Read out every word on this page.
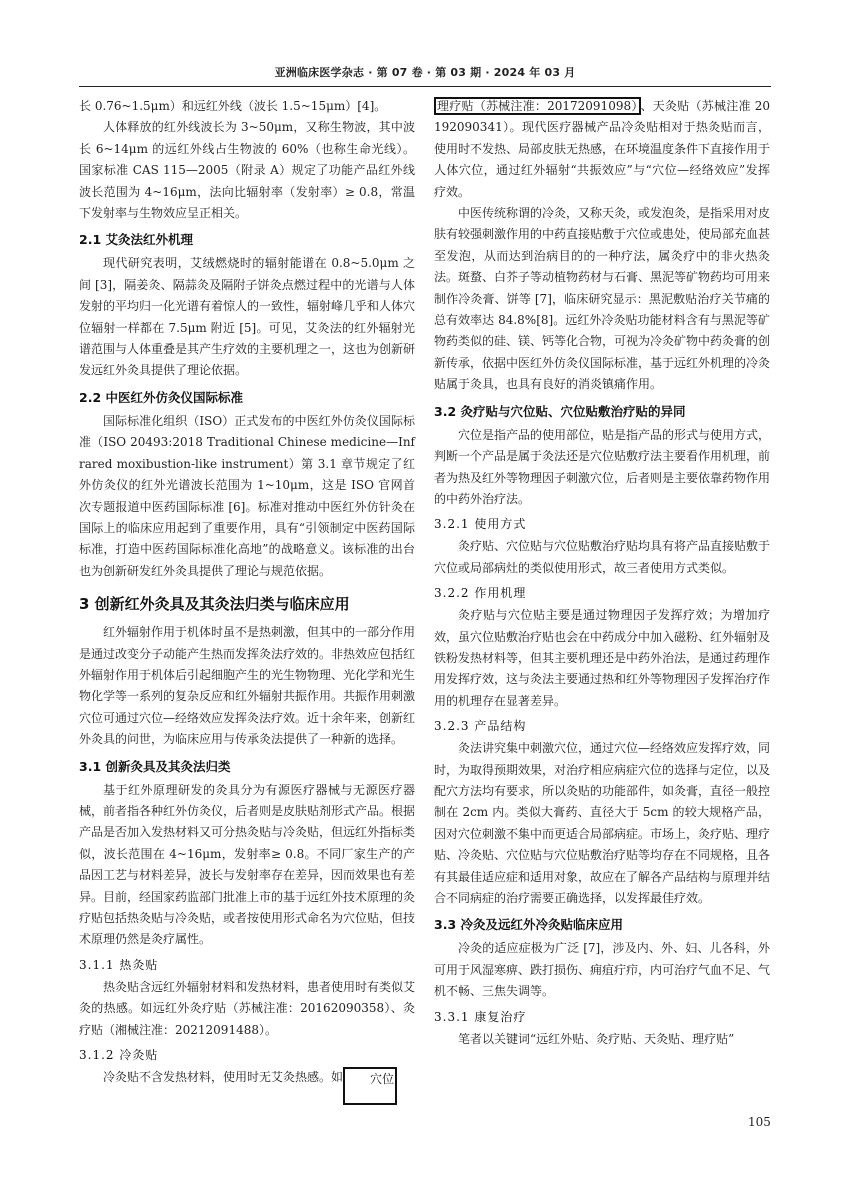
亚洲临床医学杂志 · 第 07 卷 · 第 03 期 · 2024 年 03 月

长 0.76~1.5μm）和远红外线（波长 1.5~15μm）[4]。

人体释放的红外线波长为 3~50μm，又称生物波，其中波长 6~14μm 的远红外线占生物波的 60%（也称生命光线）。国家标准 CAS 115—2005（附录 A）规定了功能产品红外线波长范围为 4~16μm，法向比辐射率（发射率）≥ 0.8，常温下发射率与生物效应呈正相关。

2.1 艾灸法红外机理

现代研究表明，艾绒燃烧时的辐射能谱在 0.8~5.0μm 之间 [3]，隔姜灸、隔蒜灸及隔附子饼灸点燃过程中的光谱与人体发射的平均归一化光谱有着惊人的一致性，辐射峰几乎和人体穴位辐射一样都在 7.5μm 附近 [5]。可见，艾灸法的红外辐射光谱范围与人体重叠是其产生疗效的主要机理之一，这也为创新研发远红外灸具提供了理论依据。

2.2 中医红外仿灸仪国际标准

国际标准化组织（ISO）正式发布的中医红外仿灸仪国际标准（ISO 20493:2018 Traditional Chinese medicine—Infrared moxibustion-like instrument）第 3.1 章节规定了红外仿灸仪的红外光谱波长范围为 1~10μm，这是 ISO 官网首次专题报道中医药国际标准 [6]。标准对推动中医红外仿针灸在国际上的临床应用起到了重要作用，具有“引领制定中医药国际标准，打造中医药国际标准化高地”的战略意义。该标准的出台也为创新研发红外灸具提供了理论与规范依据。

3 创新红外灸具及其灸法归类与临床应用

红外辐射作用于机体时虽不是热刺激，但其中的一部分作用是通过改变分子动能产生热而发挥灸法疗效的。非热效应包括红外辐射作用于机体后引起细胞产生的光生物物理、光化学和光生物化学等一系列的复杂反应和红外辐射共振作用。共振作用刺激穴位可通过穴位—经络效应发挥灸法疗效。近十余年来，创新红外灸具的问世，为临床应用与传承灸法提供了一种新的选择。

3.1 创新灸具及其灸法归类

基于红外原理研发的灸具分为有源医疗器械与无源医疗器械，前者指各种红外仿灸仪，后者则是皮肤贴剂形式产品。根据产品是否加入发热材料又可分热灸贴与冷灸贴，但远红外指标类似，波长范围在 4~16μm，发射率≥ 0.8。不同厂家生产的产品因工艺与材料差异，波长与发射率存在差异，因而效果也有差异。目前，经国家药监部门批准上市的基于远红外技术原理的灸疗贴包括热灸贴与冷灸贴，或者按使用形式命名为穴位贴，但技术原理仍然是灸疗属性。

3.1.1 热灸贴

热灸贴含远红外辐射材料和发热材料，患者使用时有类似艾灸的热感。如远红外灸疗贴（苏械注准：20162090358）、灸疗贴（湘械注准：20212091488）。

3.1.2 冷灸贴

冷灸贴不含发热材料，使用时无艾灸热感。如 穴位

理疗贴（苏械注准：20172091098） 、天灸贴（苏械注准 20192090341）。现代医疗器械产品冷灸贴相对于热灸贴而言，使用时不发热、局部皮肤无热感，在环境温度条件下直接作用于人体穴位，通过红外辐射“共振效应”与“穴位—经络效应”发挥疗效。

中医传统称谓的冷灸，又称天灸，或发泡灸，是指采用对皮肤有较强刺激作用的中药直接贴敷于穴位或患处，使局部充血甚至发泡，从而达到治病目的的一种疗法，属灸疗中的非火热灸法。斑蝥、白芥子等动植物药材与石膏、黑泥等矿物药均可用来制作冷灸膏、饼等 [7]，临床研究显示：黑泥敷贴治疗关节痛的总有效率达 84.8%[8]。远红外冷灸贴功能材料含有与黑泥等矿物药类似的硅、镁、钙等化合物，可视为冷灸矿物中药灸膏的创新传承，依据中医红外仿灸仪国际标准，基于远红外机理的冷灸贴属于灸具，也具有良好的消炎镇痛作用。

3.2 灸疗贴与穴位贴、穴位贴敷治疗贴的异同

穴位是指产品的使用部位，贴是指产品的形式与使用方式，判断一个产品是属于灸法还是穴位贴敷疗法主要看作用机理，前者为热及红外等物理因子刺激穴位，后者则是主要依靠药物作用的中药外治疗法。

3.2.1 使用方式

灸疗贴、穴位贴与穴位贴敷治疗贴均具有将产品直接贴敷于穴位或局部病灶的类似使用形式，故三者使用方式类似。

3.2.2 作用机理

灸疗贴与穴位贴主要是通过物理因子发挥疗效；为增加疗效，虽穴位贴敷治疗贴也会在中药成分中加入磁粉、红外辐射及铁粉发热材料等，但其主要机理还是中药外治法，是通过药理作用发挥疗效，这与灸法主要通过热和红外等物理因子发挥治疗作用的机理存在显著差异。

3.2.3 产品结构

灸法讲究集中刺激穴位，通过穴位—经络效应发挥疗效，同时，为取得预期效果，对治疗相应病症穴位的选择与定位，以及配穴方法均有要求，所以灸贴的功能部件，如灸膏，直径一般控制在 2cm 内。类似大膏药、直径大于 5cm 的较大规格产品，因对穴位刺激不集中而更适合局部病症。市场上，灸疗贴、理疗贴、冷灸贴、穴位贴与穴位贴敷治疗贴等均存在不同规格，且各有其最佳适应症和适用对象，故应在了解各产品结构与原理并结合不同病症的治疗需要正确选择，以发挥最佳疗效。

3.3 冷灸及远红外冷灸贴临床应用

冷灸的适应症极为广泛 [7]，涉及内、外、妇、儿各科，外可用于风湿寒痹、跌打损伤、痈疽疔疖，内可治疗气血不足、气机不畅、三焦失调等。

3.3.1 康复治疗

笔者以关键词“远红外贴、灸疗贴、天灸贴、理疗贴”

105
